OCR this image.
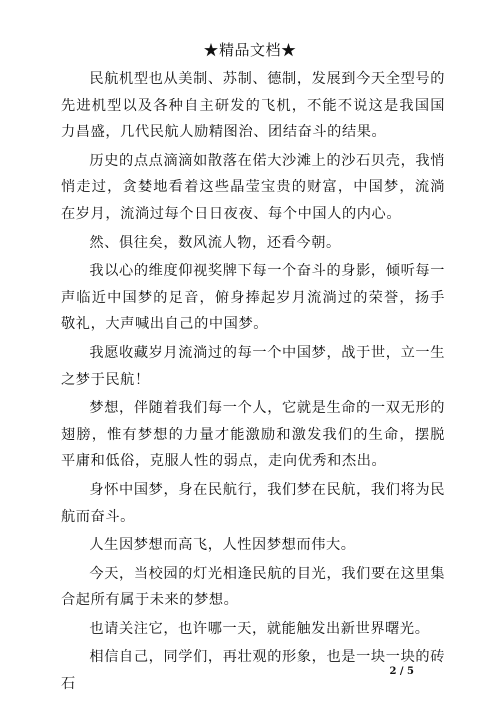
★精品文档★

民航机型也从美制、苏制、德制，发展到今天全型号的先进机型以及各种自主研发的飞机，不能不说这是我国国力昌盛，几代民航人励精图治、团结奋斗的结果。

历史的点点滴滴如散落在偌大沙滩上的沙石贝壳，我悄悄走过，贪婪地看着这些晶莹宝贵的财富，中国梦，流淌在岁月，流淌过每个日日夜夜、每个中国人的内心。

然、俱往矣，数风流人物，还看今朝。

我以心的维度仰视奖牌下每一个奋斗的身影，倾听每一声临近中国梦的足音，俯身捧起岁月流淌过的荣誉，扬手敬礼，大声喊出自己的中国梦。

我愿收藏岁月流淌过的每一个中国梦，战于世，立一生之梦于民航！

梦想，伴随着我们每一个人，它就是生命的一双无形的翅膀，惟有梦想的力量才能激励和激发我们的生命，摆脱平庸和低俗，克服人性的弱点，走向优秀和杰出。

身怀中国梦，身在民航行，我们梦在民航，我们将为民航而奋斗。

人生因梦想而高飞，人性因梦想而伟大。

今天，当校园的灯光相逢民航的目光，我们要在这里集合起所有属于未来的梦想。

也请关注它，也许哪一天，就能触发出新世界曙光。

相信自己，同学们，再壮观的形象，也是一块一块的砖石

2 / 5
